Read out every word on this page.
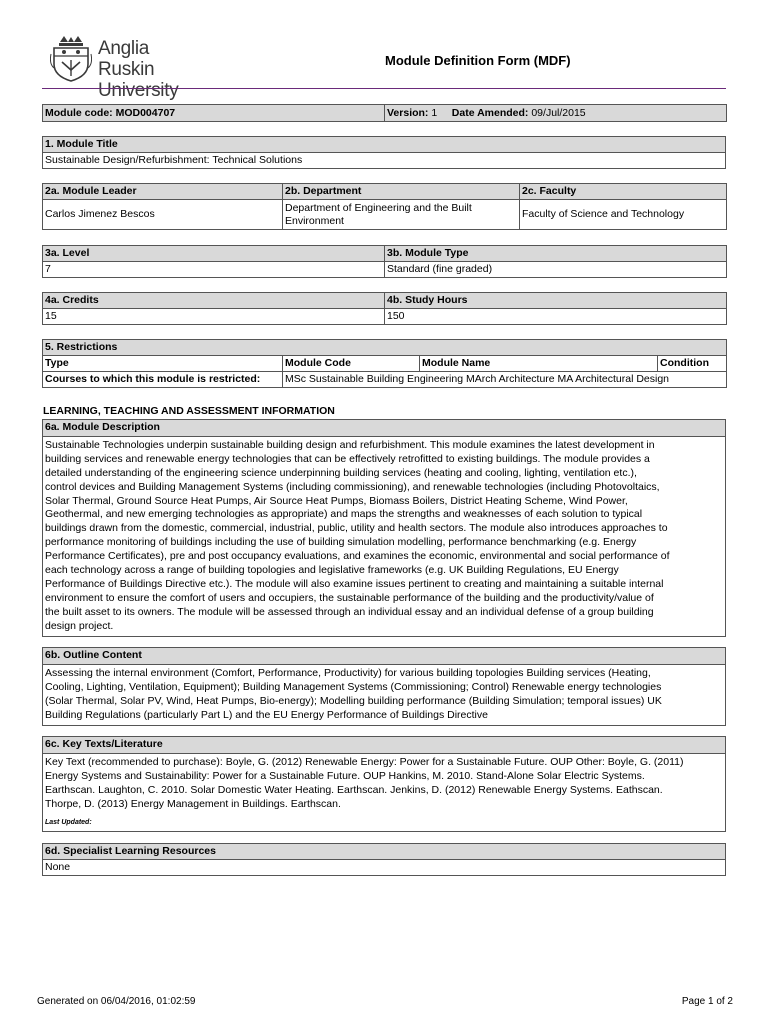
Anglia Ruskin
University
Module Definition Form (MDF)
Module code: MOD004707	Version: 1 Date Amended: 09/Jul/2015
1. Module Title
Sustainable Design/Refurbishment: Technical Solutions
2a. Module Leader	2b. Department	2c. Faculty
Carlos Jimenez Bescos	Department of Engineering and the Built Environment	Faculty of Science and Technology
3a. Level	3b. Module Type
7	Standard (fine graded)
4a. Credits	4b. Study Hours
15	150
5. Restrictions			
Type	Module Code	Module Name	Condition
Courses to which this module is restricted:	MSc Sustainable Building Engineering MArch Architecture MA Architectural Design		
LEARNING, TEACHING AND ASSESSMENT INFORMATION
6a. Module Description

Sustainable Technologies underpin sustainable building design and refurbishment. This module examines the latest development in
building services and renewable energy technologies that can be effectively retrofitted to existing buildings. The module provides a
detailed understanding of the engineering science underpinning building services (heating and cooling, lighting, ventilation etc.),
control devices and Building Management Systems (including commissioning), and renewable technologies (including Photovoltaics,
Solar Thermal, Ground Source Heat Pumps, Air Source Heat Pumps, Biomass Boilers, District Heating Scheme, Wind Power,
Geothermal, and new emerging technologies as appropriate) and maps the strengths and weaknesses of each solution to typical
buildings drawn from the domestic, commercial, industrial, public, utility and health sectors. The module also introduces approaches to
performance monitoring of buildings including the use of building simulation modelling, performance benchmarking (e.g. Energy
Performance Certificates), pre and post occupancy evaluations, and examines the economic, environmental and social performance of
each technology across a range of building topologies and legislative frameworks (e.g. UK Building Regulations, EU Energy
Performance of Buildings Directive etc.). The module will also examine issues pertinent to creating and maintaining a suitable internal
environment to ensure the comfort of users and occupiers, the sustainable performance of the building and the productivity/value of
the built asset to its owners. The module will be assessed through an individual essay and an individual defense of a group building
design project.
6b. Outline Content

Assessing the internal environment (Comfort, Performance, Productivity) for various building topologies Building services (Heating,
Cooling, Lighting, Ventilation, Equipment); Building Management Systems (Commissioning; Control) Renewable energy technologies
(Solar Thermal, Solar PV, Wind, Heat Pumps, Bio-energy); Modelling building performance (Building Simulation; temporal issues) UK
Building Regulations (particularly Part L) and the EU Energy Performance of Buildings Directive
6c. Key Texts/Literature

Key Text (recommended to purchase): Boyle, G. (2012) Renewable Energy: Power for a Sustainable Future. OUP Other: Boyle, G. (2011)
Energy Systems and Sustainability: Power for a Sustainable Future. OUP Hankins, M. 2010. Stand-Alone Solar Electric Systems.
Earthscan. Laughton, C. 2010. Solar Domestic Water Heating. Earthscan. Jenkins, D. (2012) Renewable Energy Systems. Eathscan.
Thorpe, D. (2013) Energy Management in Buildings. Earthscan.
Last Updated:
6d. Specialist Learning Resources
None
Generated on 06/04/2016, 01:02:59	Page 1 of 2
